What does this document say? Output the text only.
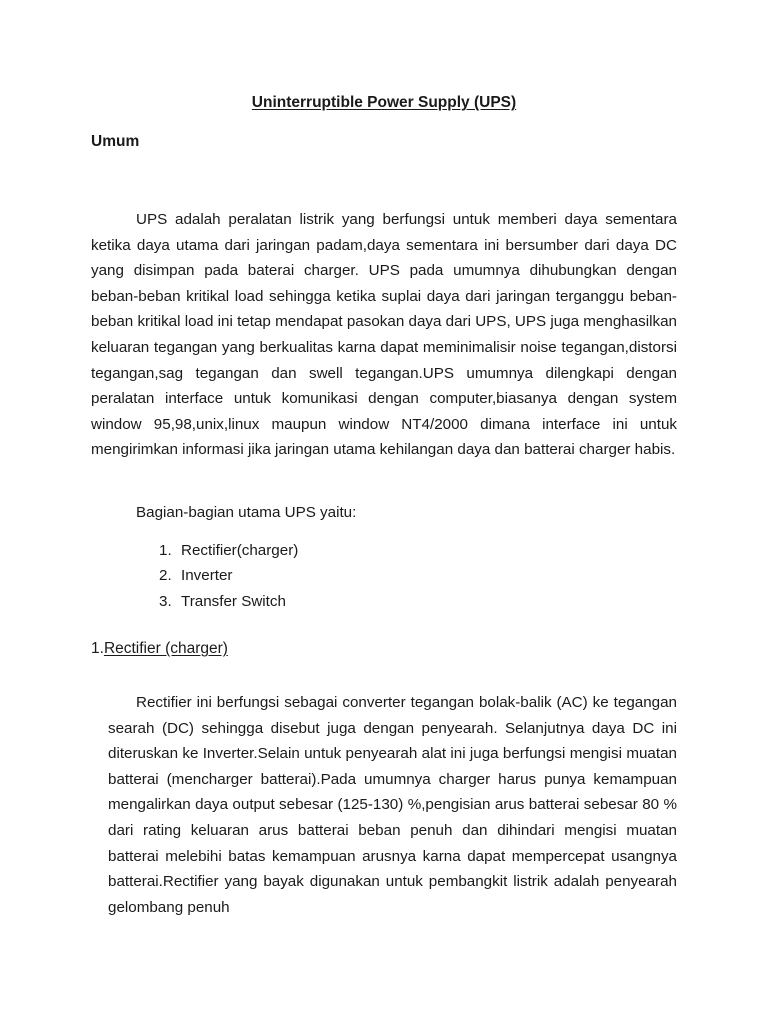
Uninterruptible Power Supply (UPS)
Umum

UPS adalah peralatan listrik yang berfungsi untuk memberi daya sementara ketika daya utama dari jaringan padam,daya sementara ini bersumber dari daya DC yang disimpan pada baterai charger. UPS pada umumnya dihubungkan dengan beban-beban kritikal load sehingga ketika suplai daya dari jaringan terganggu beban-beban kritikal load ini tetap mendapat pasokan daya dari UPS, UPS juga menghasilkan keluaran tegangan yang berkualitas karna dapat meminimalisir noise tegangan,distorsi tegangan,sag tegangan dan swell tegangan.UPS umumnya dilengkapi dengan peralatan interface untuk komunikasi dengan computer,biasanya dengan system window 95,98,unix,linux maupun window NT4/2000 dimana interface ini untuk mengirimkan informasi jika jaringan utama kehilangan daya dan batterai charger habis.

Bagian-bagian utama UPS yaitu:
1. Rectifier(charger)
2. Inverter
3. Transfer Switch
1.Rectifier (charger)

Rectifier ini berfungsi sebagai converter tegangan bolak-balik (AC) ke tegangan searah (DC) sehingga disebut juga dengan penyearah. Selanjutnya daya DC ini diteruskan ke Inverter.Selain untuk penyearah alat ini juga berfungsi mengisi muatan batterai (mencharger batterai).Pada umumnya charger harus punya kemampuan mengalirkan daya output sebesar (125-130) %,pengisian arus batterai sebesar 80 % dari rating keluaran arus batterai beban penuh dan dihindari mengisi muatan batterai melebihi batas kemampuan arusnya karna dapat mempercepat usangnya batterai.Rectifier yang bayak digunakan untuk pembangkit listrik adalah penyearah gelombang penuh
